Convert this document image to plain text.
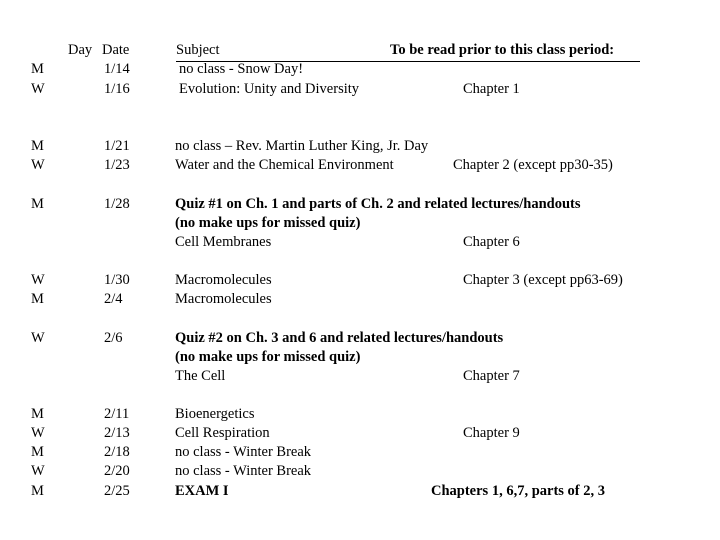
Day Date	Subject	To be read prior to this class period:
M	1/14	no class - Snow Day!
W	1/16	Evolution: Unity and Diversity	Chapter 1
M	1/21	no class – Rev. Martin Luther King, Jr. Day
W	1/23	Water and the Chemical Environment	Chapter 2 (except pp30-35)
M	1/28	Quiz #1 on Ch. 1 and parts of Ch. 2 and related lectures/handouts
(no make ups for missed quiz)
Cell Membranes	Chapter 6
W	1/30	Macromolecules	Chapter 3 (except pp63-69)
M	2/4	Macromolecules
W	2/6	Quiz #2 on Ch. 3 and 6 and related lectures/handouts
(no make ups for missed quiz)
The Cell	Chapter 7
M	2/11	Bioenergetics
W	2/13	Cell Respiration	Chapter 9
M	2/18	no class - Winter Break
W	2/20	no class - Winter Break
M	2/25	EXAM I	Chapters 1, 6,7, parts of 2, 3
